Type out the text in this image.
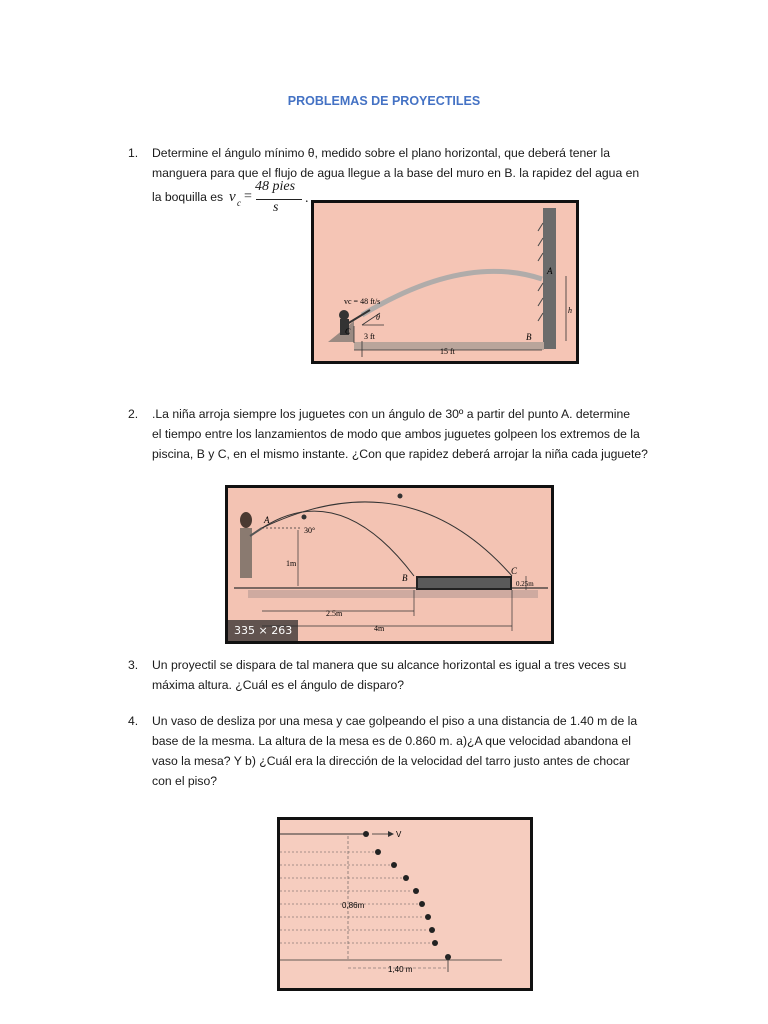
PROBLEMAS DE PROYECTILES
1. Determine el ángulo mínimo θ, medido sobre el plano horizontal, que deberá tener la
manguera para que el flujo de agua llegue a la base del muro en B. la rapidez del agua en
la boquilla es v c =
48 pies
s
.
vc = 48 ft/s
θ
C
3 ft
A
B
h
15 ft
2. .La niña arroja siempre los juguetes con un ángulo de 30º a partir del punto A. determine
el tiempo entre los lanzamientos de modo que ambos juguetes golpeen los extremos de la
piscina, B y C, en el mismo instante. ¿Con que rapidez deberá arrojar la niña cada juguete?
A
30°
1m
B
C
0.25m
2.5m
4m
335 × 263
3. Un proyectil se dispara de tal manera que su alcance horizontal es igual a tres veces su
máxima altura. ¿Cuál es el ángulo de disparo?
4. Un vaso de desliza por una mesa y cae golpeando el piso a una distancia de 1.40 m de la
base de la mesma. La altura de la mesa es de 0.860 m. a)¿A que velocidad abandona el
vaso la mesa? Y b) ¿Cuál era la dirección de la velocidad del tarro justo antes de chocar
con el piso?
V
0,86m
1,40 m
